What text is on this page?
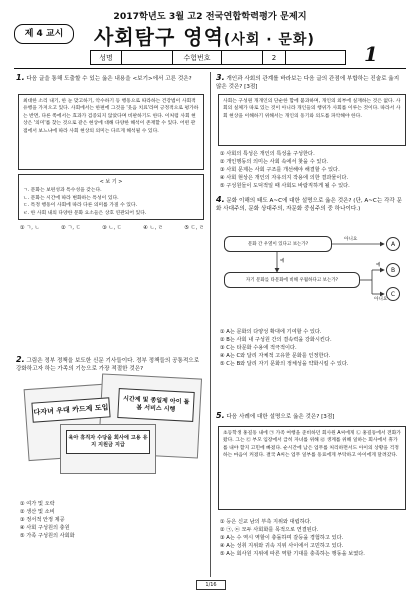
2017학년도 3월 고2 전국연합학력평가 문제지
제 4 교시	사회탐구 영역(사회 · 문화)
성명	수험번호	2	1
1. 다음 글을 통해 도출할 수 있는 옳은 내용을 <보기>에서 고른 것은?
최대한 소리 내기, 한 눈 맞고하기, 악수하기 등 행동으로 따라하는 건강법이 사회적 유행을 가져오고 있다. 사회에서는 한편에 그것을 '웃음 치료'라며 긍정적으로 평가하는 반면, 다른 쪽에서는 효과가 검증되지 않았다며 비판하기도 한다. 이처럼 사회 현상은 '의미'를 찾는 것으로 같은 현상에 대해 다양한 해석이 존재할 수 있다. 어떤 관점에서 보느냐에 따라 사회 현상의 의미는 다르게 해석될 수 있다.
< 보 기 >
ㄱ. 문화는 보편성과 특수성을 갖는다.
ㄴ. 문화는 시간에 따라 변화하는 특성이 있다.
ㄷ. 특정 행동이 사회에 따라 다른 의미를 가질 수 있다.
ㄹ. 한 사회 내의 다양한 문화 요소들은 상호 연관되어 있다.
① ㄱ, ㄴ	② ㄱ, ㄷ	③ ㄴ, ㄷ	④ ㄴ, ㄹ	⑤ ㄷ, ㄹ
2. 그림은 정부 정책을 보도한 신문 기사들이다. 정부 정책들의 공통적으로 강화하고자 하는 가족의 기능으로 가장 적절한 것은?
다자녀 우대 카드제 도입
시간제 및 종일제 아이 돌봄 서비스 시행
육아 휴직자 수당을 회사에 고용 유지 지원금 지급
① 여가 및 오락
② 생산 및 소비
③ 정서적 안정 제공
④ 사회 구성원의 충원
⑤ 가족 구성원의 사회화
3. 개인과 사회의 관계를 바라보는 다음 글의 관점에 부합하는 진술로 옳지 않은 것은? [3점]
사회는 구성원 개개인의 단순한 합에 불과하며, 개인의 외부에 실재하는 것은 없다. 사회의 실체가 따로 있는 것이 아니라 개인들의 행위가 사회를 이루는 것이다. 따라서 사회 현상을 이해하기 위해서는 개인의 동기와 의도를 파악해야 한다.
① 사회의 특성은 개인의 특성을 구성한다.
② 개인행동의 의미는 사회 속에서 찾을 수 있다.
③ 사회 문제는 사회 구조를 개선해야 해결할 수 있다.
④ 사회 현상은 개인의 자유의지 작용에 의한 결과물이다.
⑤ 구성원들이 도덕적일 때 사회도 바람직하게 될 수 있다.
4. 문화 이해의 태도 A~C에 대한 설명으로 옳은 것은? (단, A~C는 각각 문화 사대주의, 문화 상대주의, 자문화 중심주의 중 하나이다.)
문화 간 우열이 있다고 보는가?
아니요
예
자기 문화를 타문화에 비해 우월하다고 보는가?
예
아니요
A
B
C
① A는 문화의 다양성 확대에 기여할 수 있다.
② B는 사회 내 구성원 간의 결속력을 강화시킨다.
③ C는 타문화 수용에 적극적이다.
④ A는 C와 달리 자체적 고유한 문화를 인정한다.
⑤ C는 B와 달리 자기 문화의 정체성을 약화시킬 수 있다.
5. 다음 사례에 대한 설명으로 옳은 것은? [3점]
초등학생 홍길동 내에 ㉠ 가족 여행을 준비하던 회사원 A씨에게 ㉡ 홍길동에서 전화가 왔다. 그는 ㉢ 부모 입장에서 급히 자녀를 위해 ㉣ 생계를 위해 일하는 회사에서 휴가를 내야 할지 고민에 빠졌다. 순시간에 남은 업무를 처리하면서도 아이의 상황을 걱정하는 마음이 커졌다. 결국 A씨는 업무 일부를 동료에게 부탁하고 아이에게 달려갔다.
① 등은 신교 남의 부측 지위와 대립하다.
② ㉠, ㉢ 모두 사회화를 목적으로 연결된다.
③ A는 수 역시 역할이 충돌하며 갈등을 경험하고 있다.
④ A는 성취 지위와 귀속 지위 사이에서 고민하고 있다.
⑤ A는 회사원 지위에 따른 역할 기대를 충족하는 행동을 보였다.
1/16
